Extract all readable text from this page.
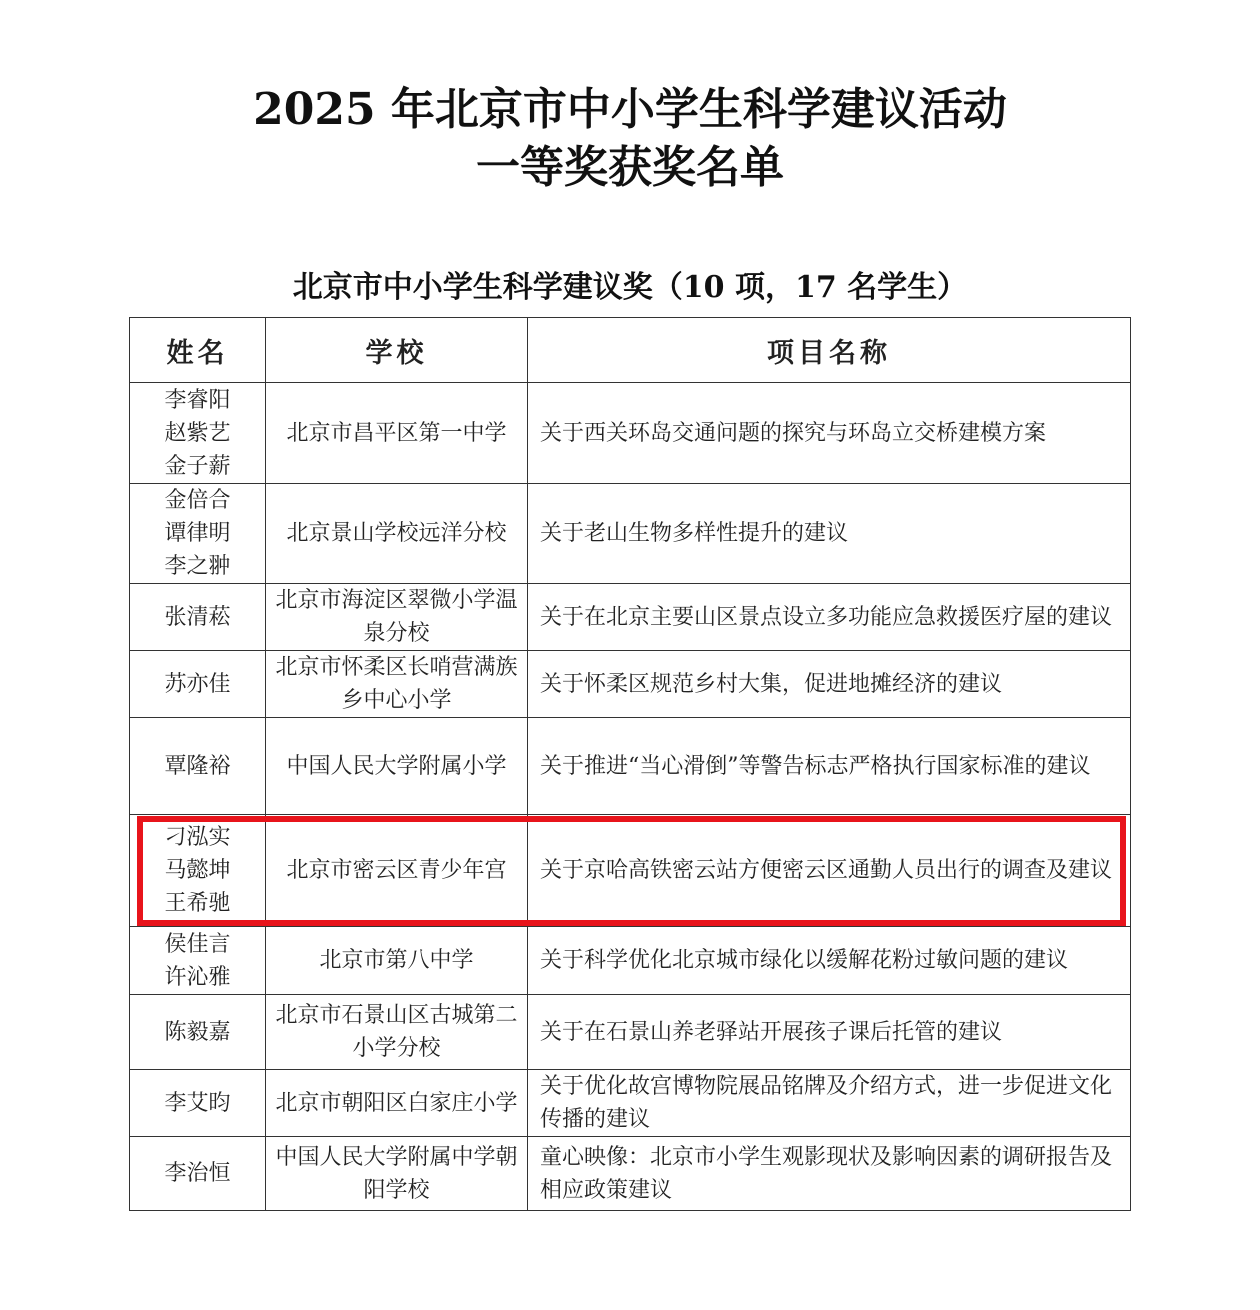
2025 年北京市中小学生科学建议活动
一等奖获奖名单
北京市中小学生科学建议奖（10 项，17 名学生）
姓名	学校	项目名称

李睿阳
赵紫艺
金子薪	北京市昌平区第一中学	关于西关环岛交通问题的探究与环岛立交桥建模方案

金倍合
谭律明
李之翀	北京景山学校远洋分校	关于老山生物多样性提升的建议

张清菘	北京市海淀区翠微小学温泉分校	关于在北京主要山区景点设立多功能应急救援医疗屋的建议

苏亦佳	北京市怀柔区长哨营满族乡中心小学	关于怀柔区规范乡村大集，促进地摊经济的建议

覃隆裕	中国人民大学附属小学	关于推进“当心滑倒”等警告标志严格执行国家标准的建议

刁泓实
马懿坤
王希驰	北京市密云区青少年宫	关于京哈高铁密云站方便密云区通勤人员出行的调查及建议

侯佳言
许沁雅	北京市第八中学	关于科学优化北京城市绿化以缓解花粉过敏问题的建议

陈毅嘉	北京市石景山区古城第二小学分校	关于在石景山养老驿站开展孩子课后托管的建议

李艾昀	北京市朝阳区白家庄小学	关于优化故宫博物院展品铭牌及介绍方式，进一步促进文化传播的建议

李治恒	中国人民大学附属中学朝阳学校	童心映像：北京市小学生观影现状及影响因素的调研报告及相应政策建议
